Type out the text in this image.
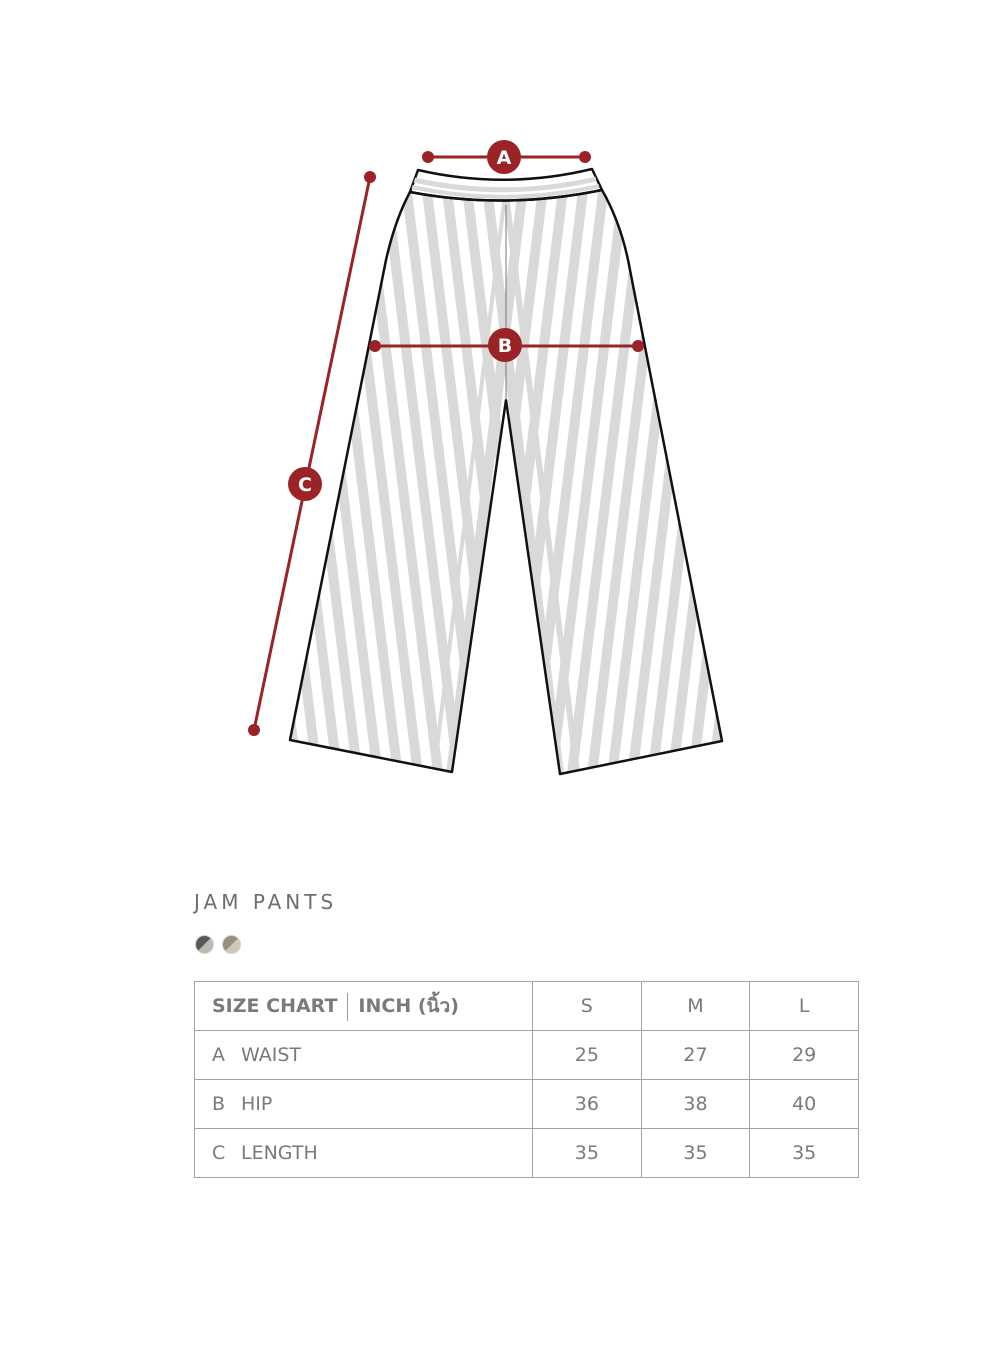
A
B
C
JAM PANTS
SIZE CHART INCH (นิ้ว)	S	M	L
A WAIST	25	27	29
B HIP	36	38	40
C LENGTH	35	35	35
